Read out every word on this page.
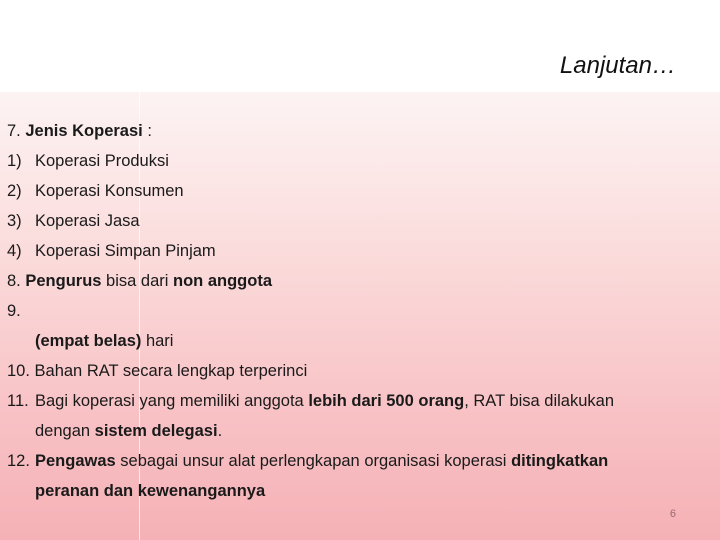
Lanjutan…
7. Jenis Koperasi :
1) Koperasi Produksi
2) Koperasi Konsumen
3) Koperasi Jasa
4) Koperasi Simpan Pinjam
8. Pengurus bisa dari non anggota
9.
(empat belas) hari
10. Bahan RAT secara lengkap terperinci
11. Bagi koperasi yang memiliki anggota lebih dari 500 orang, RAT bisa dilakukan
dengan sistem delegasi.
12. Pengawas sebagai unsur alat perlengkapan organisasi koperasi ditingkatkan
peranan dan kewenangannya
6
